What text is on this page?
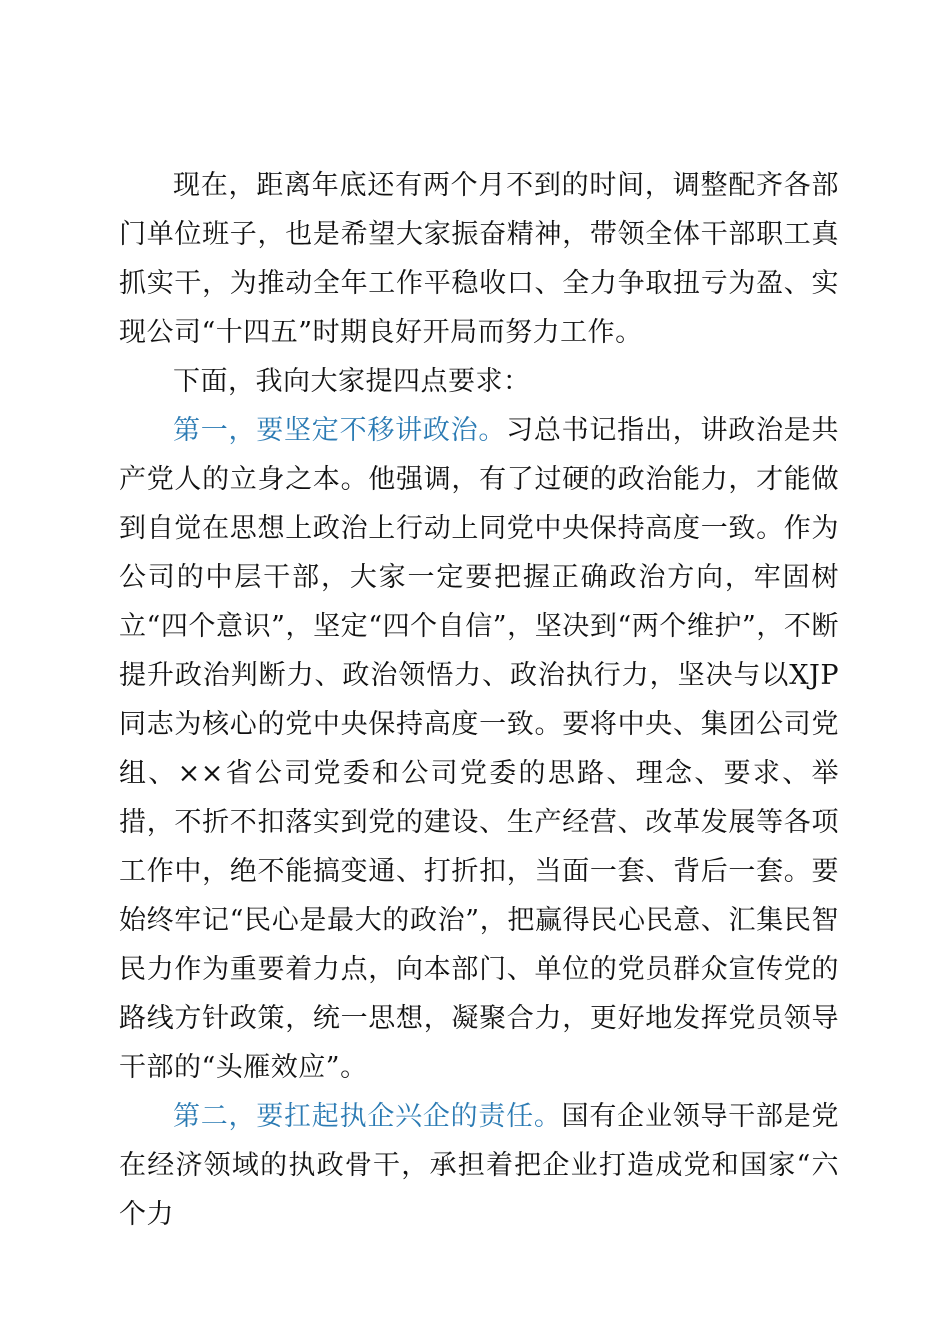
现在，距离年底还有两个月不到的时间，调整配齐各部门单位班子，也是希望大家振奋精神，带领全体干部职工真抓实干，为推动全年工作平稳收口、全力争取扭亏为盈、实现公司“十四五”时期良好开局而努力工作。

下面，我向大家提四点要求：

第一，要坚定不移讲政治。习总书记指出，讲政治是共产党人的立身之本。他强调，有了过硬的政治能力，才能做到自觉在思想上政治上行动上同党中央保持高度一致。作为公司的中层干部，大家一定要把握正确政治方向，牢固树立“四个意识”，坚定“四个自信”，坚决到“两个维护”，不断提升政治判断力、政治领悟力、政治执行力，坚决与以XJP同志为核心的党中央保持高度一致。要将中央、集团公司党组、××省公司党委和公司党委的思路、理念、要求、举措，不折不扣落实到党的建设、生产经营、改革发展等各项工作中，绝不能搞变通、打折扣，当面一套、背后一套。要始终牢记“民心是最大的政治”，把赢得民心民意、汇集民智民力作为重要着力点，向本部门、单位的党员群众宣传党的路线方针政策，统一思想，凝聚合力，更好地发挥党员领导干部的“头雁效应”。

第二，要扛起执企兴企的责任。国有企业领导干部是党在经济领域的执政骨干，承担着把企业打造成党和国家“六个力
